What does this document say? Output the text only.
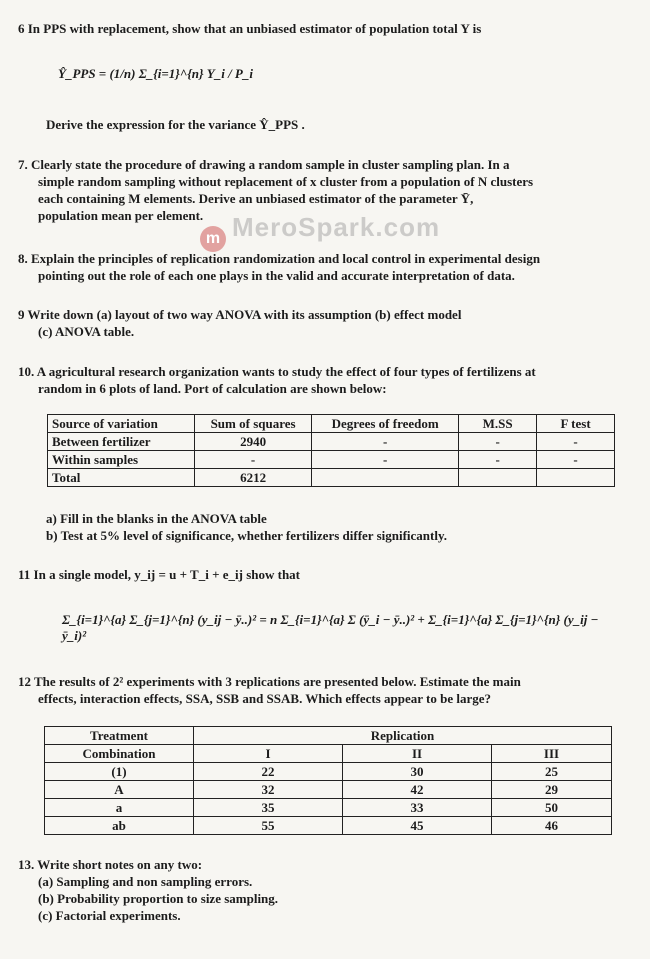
6 In PPS with replacement, show that an unbiased estimator of population total Y is
Ŷ_PPS = (1/n) Σ_{i=1}^{n} Y_i / P_i
Derive the expression for the variance Ŷ_PPS .
7. Clearly state the procedure of drawing a random sample in cluster sampling plan. In a
simple random sampling without replacement of x cluster from a population of N clusters
each containing M elements. Derive an unbiased estimator of the parameter Ȳ,
population mean per element.
m MeroSpark.com
8. Explain the principles of replication randomization and local control in experimental design
pointing out the role of each one plays in the valid and accurate interpretation of data.
9 Write down (a) layout of two way ANOVA with its assumption (b) effect model
(c) ANOVA table.
10. A agricultural research organization wants to study the effect of four types of fertilizens at
random in 6 plots of land. Port of calculation are shown below:
Source of variation	Sum of squares	Degrees of freedom	M.SS	F test
Between fertilizer	2940	-	-	-
Within samples	-	-	-	-
Total	6212			
a) Fill in the blanks in the ANOVA table
b) Test at 5% level of significance, whether fertilizers differ significantly.
11 In a single model, y_ij = u + T_i + e_ij show that
Σ_{i=1}^{a} Σ_{j=1}^{n} (y_ij − ȳ..)² = n Σ_{i=1}^{a} Σ (ȳ_i − ȳ..)² + Σ_{i=1}^{a} Σ_{j=1}^{n} (y_ij − ȳ_i)²
12 The results of 2² experiments with 3 replications are presented below. Estimate the main
effects, interaction effects, SSA, SSB and SSAB. Which effects appear to be large?
Treatment	Replication		
Combination	I	II	III
(1)	22	30	25
A	32	42	29
a	35	33	50
ab	55	45	46
13. Write short notes on any two:
(a) Sampling and non sampling errors.
(b) Probability proportion to size sampling.
(c) Factorial experiments.
